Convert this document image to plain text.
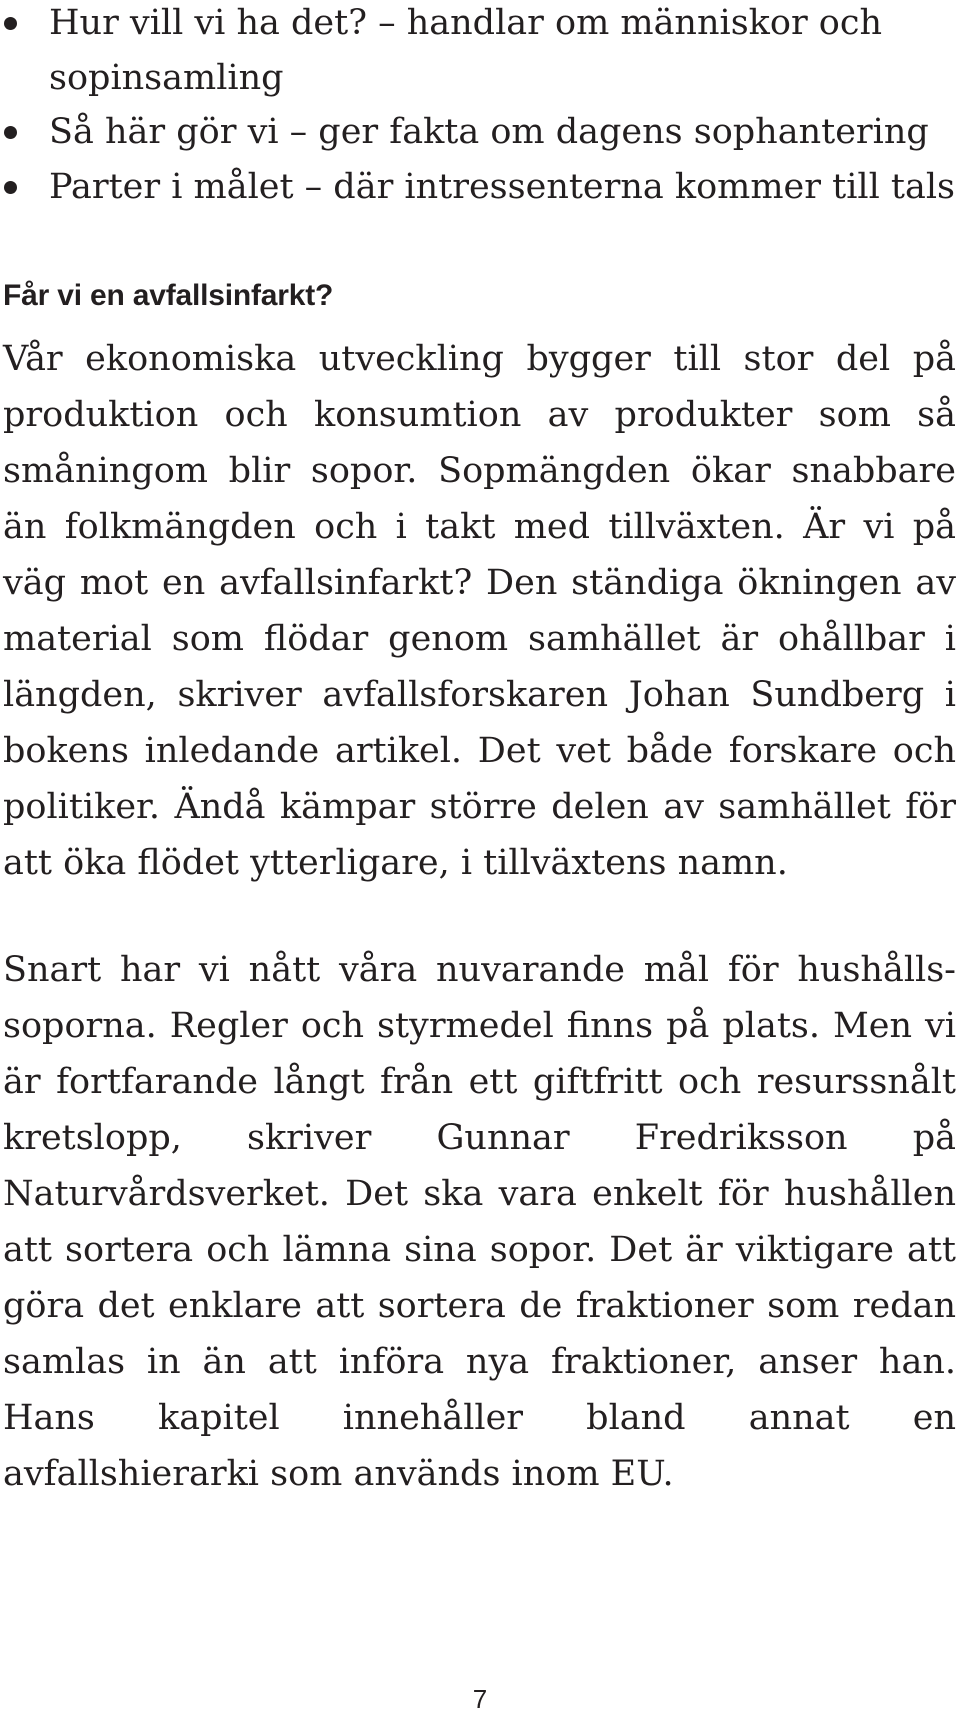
Hur vill vi ha det? – handlar om människor och sopinsamling
Så här gör vi – ger fakta om dagens sophantering
Parter i målet – där intressenterna kommer till tals
Får vi en avfallsinfarkt?

Vår ekonomiska utveckling bygger till stor del på produktion och konsumtion av produkter som så småningom blir sopor. Sopmängden ökar snabbare än folkmängden och i takt med tillväxten. Är vi på väg mot en avfallsinfarkt? Den ständiga ökningen av material som flödar genom samhället är ohållbar i längden, skriver avfallsforskaren Johan Sundberg i bokens inledande artikel. Det vet både forskare och politiker. Ändå kämpar större delen av samhället för att öka flödet ytterligare, i tillväxtens namn.

Snart har vi nått våra nuvarande mål för hushållssoporna. Regler och styrmedel finns på plats. Men vi är fortfarande långt från ett giftfritt och resurssnålt kretslopp, skriver Gunnar Fredriksson på Naturvårdsverket. Det ska vara enkelt för hushållen att sortera och lämna sina sopor. Det är viktigare att göra det enklare att sortera de fraktioner som redan samlas in än att införa nya fraktioner, anser han. Hans kapitel innehåller bland annat en avfallshierarki som används inom EU.

7
